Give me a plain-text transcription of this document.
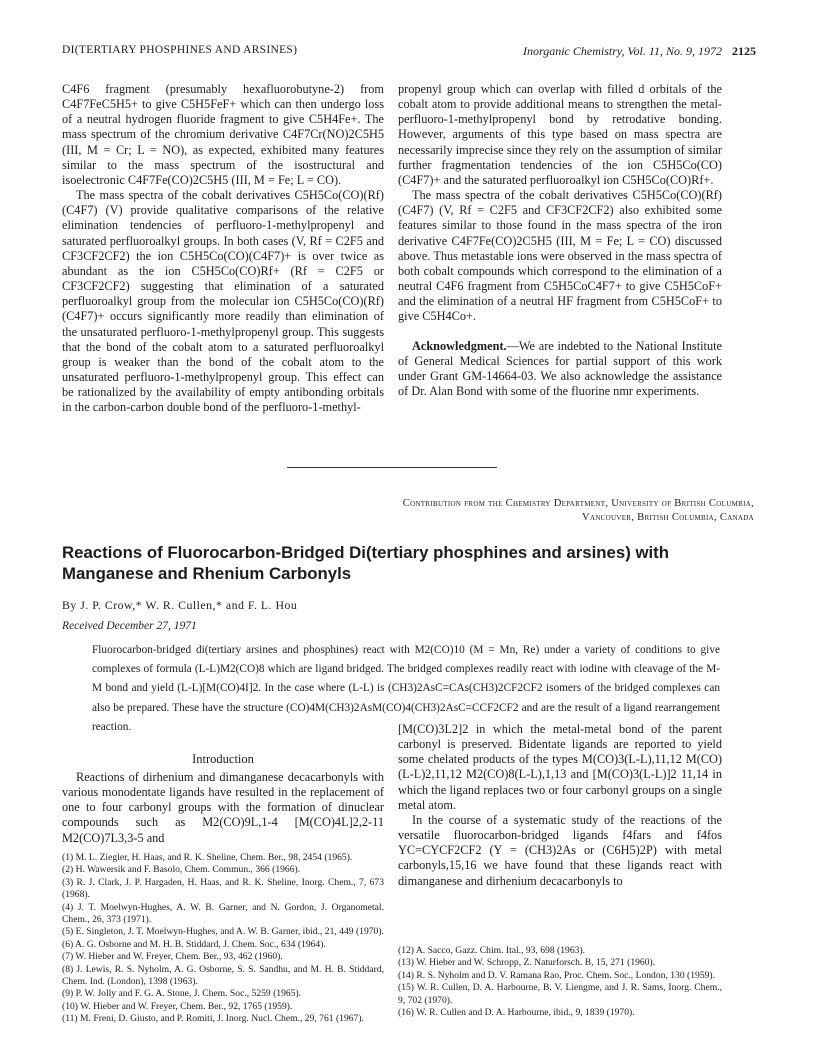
DI(TERTIARY PHOSPHINES AND ARSINES)	Inorganic Chemistry, Vol. 11, No. 9, 1972 2125

C4F6 fragment (presumably hexafluorobutyne-2) from C4F7FeC5H5+ to give C5H5FeF+ which can then undergo loss of a neutral hydrogen fluoride fragment to give C5H4Fe+. The mass spectrum of the chromium derivative C4F7Cr(NO)2C5H5 (III, M = Cr; L = NO), as expected, exhibited many features similar to the mass spectrum of the isostructural and isoelectronic C4F7Fe(CO)2C5H5 (III, M = Fe; L = CO).

The mass spectra of the cobalt derivatives C5H5Co(CO)(Rf)(C4F7) (V) provide qualitative comparisons of the relative elimination tendencies of perfluoro-1-methylpropenyl and saturated perfluoroalkyl groups. In both cases (V, Rf = C2F5 and CF3CF2CF2) the ion C5H5Co(CO)(C4F7)+ is over twice as abundant as the ion C5H5Co(CO)Rf+ (Rf = C2F5 or CF3CF2CF2) suggesting that elimination of a saturated perfluoroalkyl group from the molecular ion C5H5Co(CO)(Rf)(C4F7)+ occurs significantly more readily than elimination of the unsaturated perfluoro-1-methylpropenyl group. This suggests that the bond of the cobalt atom to a saturated perfluoroalkyl group is weaker than the bond of the cobalt atom to the unsaturated perfluoro-1-methylpropenyl group. This effect can be rationalized by the availability of empty antibonding orbitals in the carbon-carbon double bond of the perfluoro-1-methyl-

propenyl group which can overlap with filled d orbitals of the cobalt atom to provide additional means to strengthen the metal-perfluoro-1-methylpropenyl bond by retrodative bonding. However, arguments of this type based on mass spectra are necessarily imprecise since they rely on the assumption of similar further fragmentation tendencies of the ion C5H5Co(CO)(C4F7)+ and the saturated perfluoroalkyl ion C5H5Co(CO)Rf+.

The mass spectra of the cobalt derivatives C5H5Co(CO)(Rf)(C4F7) (V, Rf = C2F5 and CF3CF2CF2) also exhibited some features similar to those found in the mass spectra of the iron derivative C4F7Fe(CO)2C5H5 (III, M = Fe; L = CO) discussed above. Thus metastable ions were observed in the mass spectra of both cobalt compounds which correspond to the elimination of a neutral C4F6 fragment from C5H5CoC4F7+ to give C5H5CoF+ and the elimination of a neutral HF fragment from C5H5CoF+ to give C5H4Co+.

Acknowledgment.—We are indebted to the National Institute of General Medical Sciences for partial support of this work under Grant GM-14664-03. We also acknowledge the assistance of Dr. Alan Bond with some of the fluorine nmr experiments.

Contribution from the Chemistry Department, University of British Columbia,
Vancouver, British Columbia, Canada
Reactions of Fluorocarbon-Bridged Di(tertiary phosphines and arsines) with Manganese and Rhenium Carbonyls
By J. P. Crow,* W. R. Cullen,* and F. L. Hou
Received December 27, 1971

Fluorocarbon-bridged di(tertiary arsines and phosphines) react with M2(CO)10 (M = Mn, Re) under a variety of conditions to give complexes of formula (L-L)M2(CO)8 which are ligand bridged. The bridged complexes readily react with iodine with cleavage of the M-M bond and yield (L-L)[M(CO)4I]2. In the case where (L-L) is (CH3)2AsC=CAs(CH3)2CF2CF2 isomers of the bridged complexes can also be prepared. These have the structure (CO)4M(CH3)2AsM(CO)4(CH3)2AsC=CCF2CF2 and are the result of a ligand rearrangement reaction.

Introduction

Reactions of dirhenium and dimanganese decacarbonyls with various monodentate ligands have resulted in the replacement of one to four carbonyl groups with the formation of dinuclear compounds such as M2(CO)9L,1-4 [M(CO)4L]2,2-11 M2(CO)7L3,3-5 and

[M(CO)3L2]2 in which the metal-metal bond of the parent carbonyl is preserved. Bidentate ligands are reported to yield some chelated products of the types M(CO)3(L-L),11,12 M(CO)(L-L)2,11,12 M2(CO)8(L-L),1,13 and [M(CO)3(L-L)]2 11,14 in which the ligand replaces two or four carbonyl groups on a single metal atom.

In the course of a systematic study of the reactions of the versatile fluorocarbon-bridged ligands f4fars and f4fos YC=CYCF2CF2 (Y = (CH3)2As or (C6H5)2P) with metal carbonyls,15,16 we have found that these ligands react with dimanganese and dirhenium decacarbonyls to

(1) M. L. Ziegler, H. Haas, and R. K. Sheline, Chem. Ber., 98, 2454 (1965).
(2) H. Wawersik and F. Basolo, Chem. Commun., 366 (1966).
(3) R. J. Clark, J. P. Hargaden, H. Haas, and R. K. Sheline, Inorg. Chem., 7, 673 (1968).
(4) J. T. Moelwyn-Hughes, A. W. B. Garner, and N. Gordon, J. Organometal. Chem., 26, 373 (1971).
(5) E. Singleton, J. T. Moelwyn-Hughes, and A. W. B. Garner, ibid., 21, 449 (1970).
(6) A. G. Osborne and M. H. B. Stiddard, J. Chem. Soc., 634 (1964).
(7) W. Hieber and W. Freyer, Chem. Ber., 93, 462 (1960).
(8) J. Lewis, R. S. Nyholm, A. G. Osborne, S. S. Sandhu, and M. H. B. Stiddard, Chem. Ind. (London), 1398 (1963).
(9) P. W. Jolly and F. G. A. Stone, J. Chem. Soc., 5259 (1965).
(10) W. Hieber and W. Freyer, Chem. Ber., 92, 1765 (1959).
(11) M. Freni, D. Giusto, and P. Romiti, J. Inorg. Nucl. Chem., 29, 761 (1967).
(12) A. Sacco, Gazz. Chim. Ital., 93, 698 (1963).
(13) W. Hieber and W. Schropp, Z. Naturforsch. B, 15, 271 (1960).
(14) R. S. Nyholm and D. V. Ramana Rao, Proc. Chem. Soc., London, 130 (1959).
(15) W. R. Cullen, D. A. Harbourne, B. V. Liengme, and J. R. Sams, Inorg. Chem., 9, 702 (1970).
(16) W. R. Cullen and D. A. Harbourne, ibid., 9, 1839 (1970).
